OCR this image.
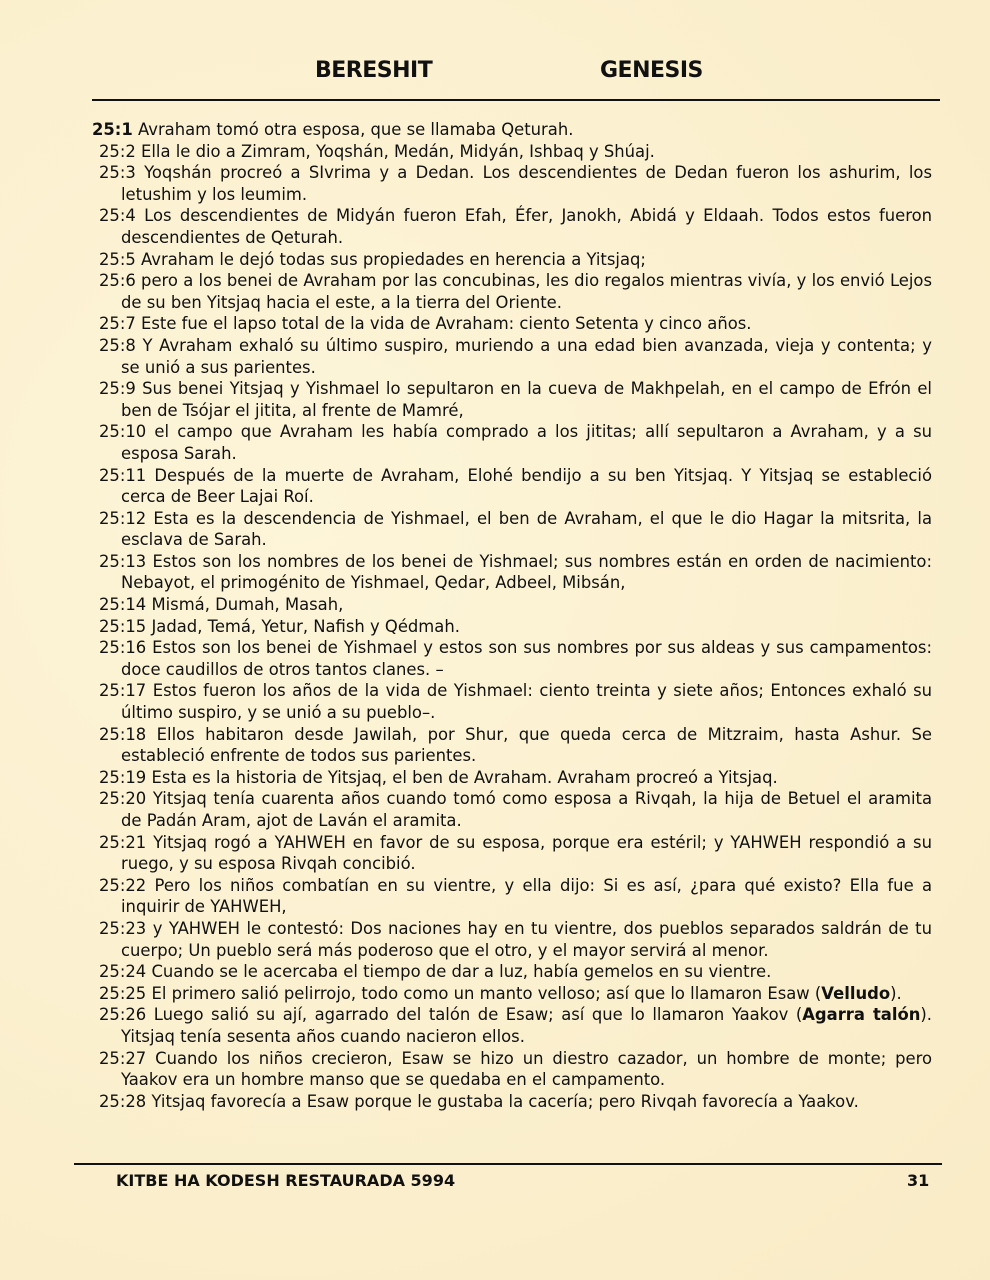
BERESHIT	GENESIS
25:1 Avraham tomó otra esposa, que se llamaba Qeturah.
25:2 Ella le dio a Zimram, Yoqshán, Medán, Midyán, Ishbaq y Shúaj.
25:3 Yoqshán procreó a SIvrima y a Dedan. Los descendientes de Dedan fueron los ashurim, los letushim y los leumim.
25:4 Los descendientes de Midyán fueron Efah, Éfer, Janokh, Abidá y Eldaah. Todos estos fueron descendientes de Qeturah.
25:5 Avraham le dejó todas sus propiedades en herencia a Yitsjaq;
25:6 pero a los benei de Avraham por las concubinas, les dio regalos mientras vivía, y los envió Lejos de su ben Yitsjaq hacia el este, a la tierra del Oriente.
25:7 Este fue el lapso total de la vida de Avraham: ciento Setenta y cinco años.
25:8 Y Avraham exhaló su último suspiro, muriendo a una edad bien avanzada, vieja y contenta; y se unió a sus parientes.
25:9 Sus benei Yitsjaq y Yishmael lo sepultaron en la cueva de Makhpelah, en el campo de Efrón el ben de Tsójar el jitita, al frente de Mamré,
25:10 el campo que Avraham les había comprado a los jititas; allí sepultaron a Avraham, y a su esposa Sarah.
25:11 Después de la muerte de Avraham, Elohé bendijo a su ben Yitsjaq. Y Yitsjaq se estableció cerca de Beer Lajai Roí.
25:12 Esta es la descendencia de Yishmael, el ben de Avraham, el que le dio Hagar la mitsrita, la esclava de Sarah.
25:13 Estos son los nombres de los benei de Yishmael; sus nombres están en orden de nacimiento: Nebayot, el primogénito de Yishmael, Qedar, Adbeel, Mibsán,
25:14 Mismá, Dumah, Masah,
25:15 Jadad, Temá, Yetur, Nafish y Qédmah.
25:16 Estos son los benei de Yishmael y estos son sus nombres por sus aldeas y sus campamentos: doce caudillos de otros tantos clanes. –
25:17 Estos fueron los años de la vida de Yishmael: ciento treinta y siete años; Entonces exhaló su último suspiro, y se unió a su pueblo–.
25:18 Ellos habitaron desde Jawilah, por Shur, que queda cerca de Mitzraim, hasta Ashur. Se estableció enfrente de todos sus parientes.
25:19 Esta es la historia de Yitsjaq, el ben de Avraham. Avraham procreó a Yitsjaq.
25:20 Yitsjaq tenía cuarenta años cuando tomó como esposa a Rivqah, la hija de Betuel el aramita de Padán Aram, ajot de Laván el aramita.
25:21 Yitsjaq rogó a YAHWEH en favor de su esposa, porque era estéril; y YAHWEH respondió a su ruego, y su esposa Rivqah concibió.
25:22 Pero los niños combatían en su vientre, y ella dijo: Si es así, ¿para qué existo? Ella fue a inquirir de YAHWEH,
25:23 y YAHWEH le contestó: Dos naciones hay en tu vientre, dos pueblos separados saldrán de tu cuerpo; Un pueblo será más poderoso que el otro, y el mayor servirá al menor.
25:24 Cuando se le acercaba el tiempo de dar a luz, había gemelos en su vientre.
25:25 El primero salió pelirrojo, todo como un manto velloso; así que lo llamaron Esaw (Velludo).
25:26 Luego salió su ají, agarrado del talón de Esaw; así que lo llamaron Yaakov (Agarra talón). Yitsjaq tenía sesenta años cuando nacieron ellos.
25:27 Cuando los niños crecieron, Esaw se hizo un diestro cazador, un hombre de monte; pero Yaakov era un hombre manso que se quedaba en el campamento.
25:28 Yitsjaq favorecía a Esaw porque le gustaba la cacería; pero Rivqah favorecía a Yaakov.
KITBE HA KODESH RESTAURADA 5994	31
